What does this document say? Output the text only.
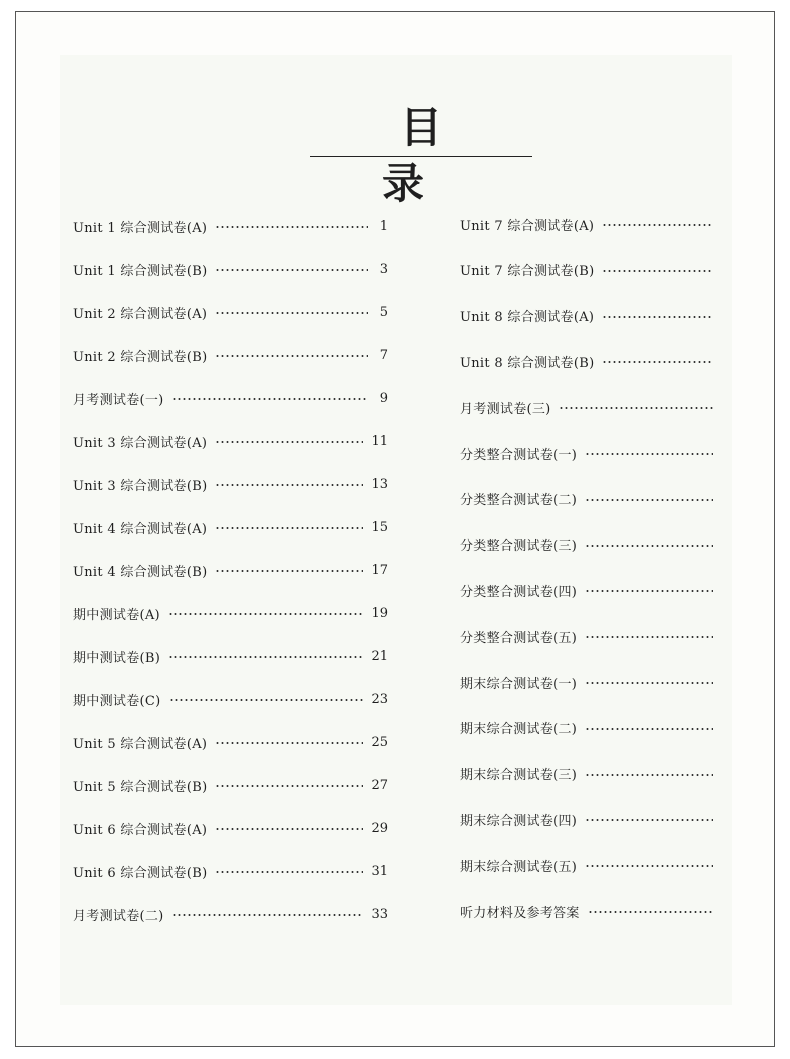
目 录
Unit 1 综合测试卷(A)	1
Unit 1 综合测试卷(B)	3
Unit 2 综合测试卷(A)	5
Unit 2 综合测试卷(B)	7
月考测试卷(一)	9
Unit 3 综合测试卷(A)	11
Unit 3 综合测试卷(B)	13
Unit 4 综合测试卷(A)	15
Unit 4 综合测试卷(B)	17
期中测试卷(A)	19
期中测试卷(B)	21
期中测试卷(C)	23
Unit 5 综合测试卷(A)	25
Unit 5 综合测试卷(B)	27
Unit 6 综合测试卷(A)	29
Unit 6 综合测试卷(B)	31
月考测试卷(二)	33
Unit 7 综合测试卷(A)
Unit 7 综合测试卷(B)
Unit 8 综合测试卷(A)
Unit 8 综合测试卷(B)
月考测试卷(三)
分类整合测试卷(一)
分类整合测试卷(二)
分类整合测试卷(三)
分类整合测试卷(四)
分类整合测试卷(五)
期末综合测试卷(一)
期末综合测试卷(二)
期末综合测试卷(三)
期末综合测试卷(四)
期末综合测试卷(五)
听力材料及参考答案
